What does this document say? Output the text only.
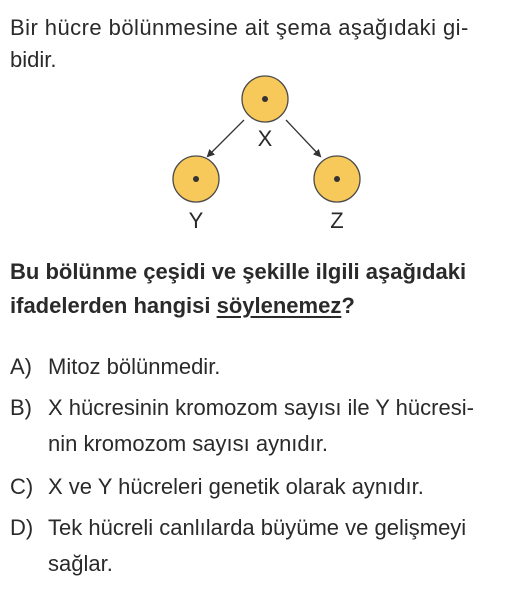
Bir hücre bölünmesine ait şema aşağıdaki gi-
bidir.
X
Y	Z
Bu bölünme çeşidi ve şekille ilgili aşağıdaki
ifadelerden hangisi söylenemez?
A) Mitoz bölünmedir.
B) X hücresinin kromozom sayısı ile Y hücresi-
nin kromozom sayısı aynıdır.
C) X ve Y hücreleri genetik olarak aynıdır.
D) Tek hücreli canlılarda büyüme ve gelişmeyi
sağlar.
